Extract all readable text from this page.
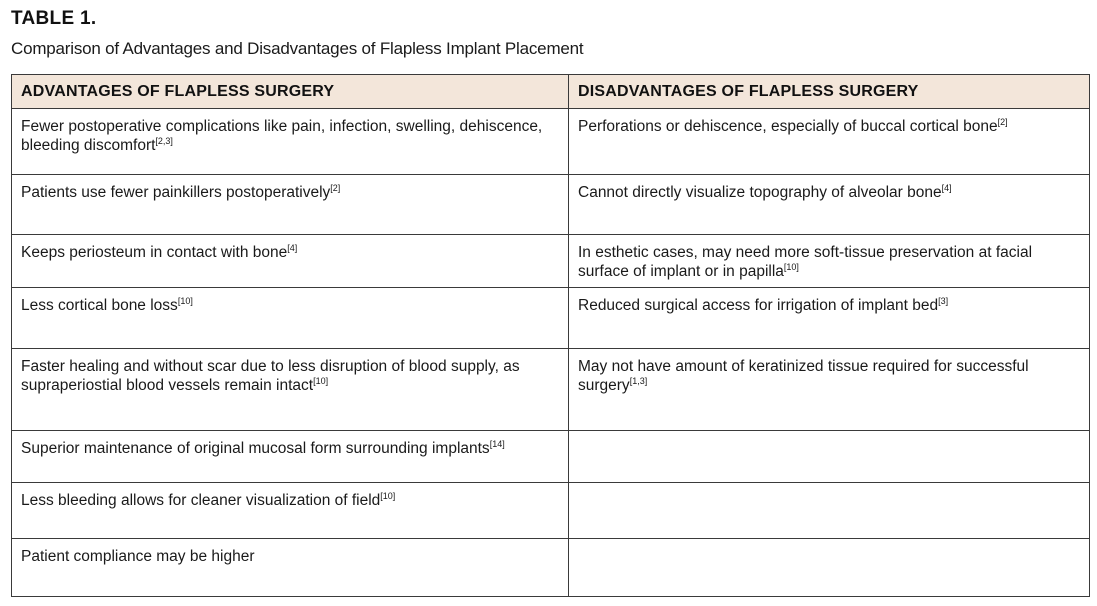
TABLE 1.
Comparison of Advantages and Disadvantages of Flapless Implant Placement
ADVANTAGES OF FLAPLESS SURGERY	DISADVANTAGES OF FLAPLESS SURGERY
Fewer postoperative complications like pain, infection, swelling, dehiscence, bleeding discomfort[2,3]	Perforations or dehiscence, especially of buccal cortical bone[2]
Patients use fewer painkillers postoperatively[2]	Cannot directly visualize topography of alveolar bone[4]
Keeps periosteum in contact with bone[4]	In esthetic cases, may need more soft-tissue preservation at facial surface of implant or in papilla[10]
Less cortical bone loss[10]	Reduced surgical access for irrigation of implant bed[3]
Faster healing and without scar due to less disruption of blood supply, as supraperiostial blood vessels remain intact[10]	May not have amount of keratinized tissue required for successful surgery[1,3]
Superior maintenance of original mucosal form surrounding implants[14]	
Less bleeding allows for cleaner visualization of field[10]	
Patient compliance may be higher	
